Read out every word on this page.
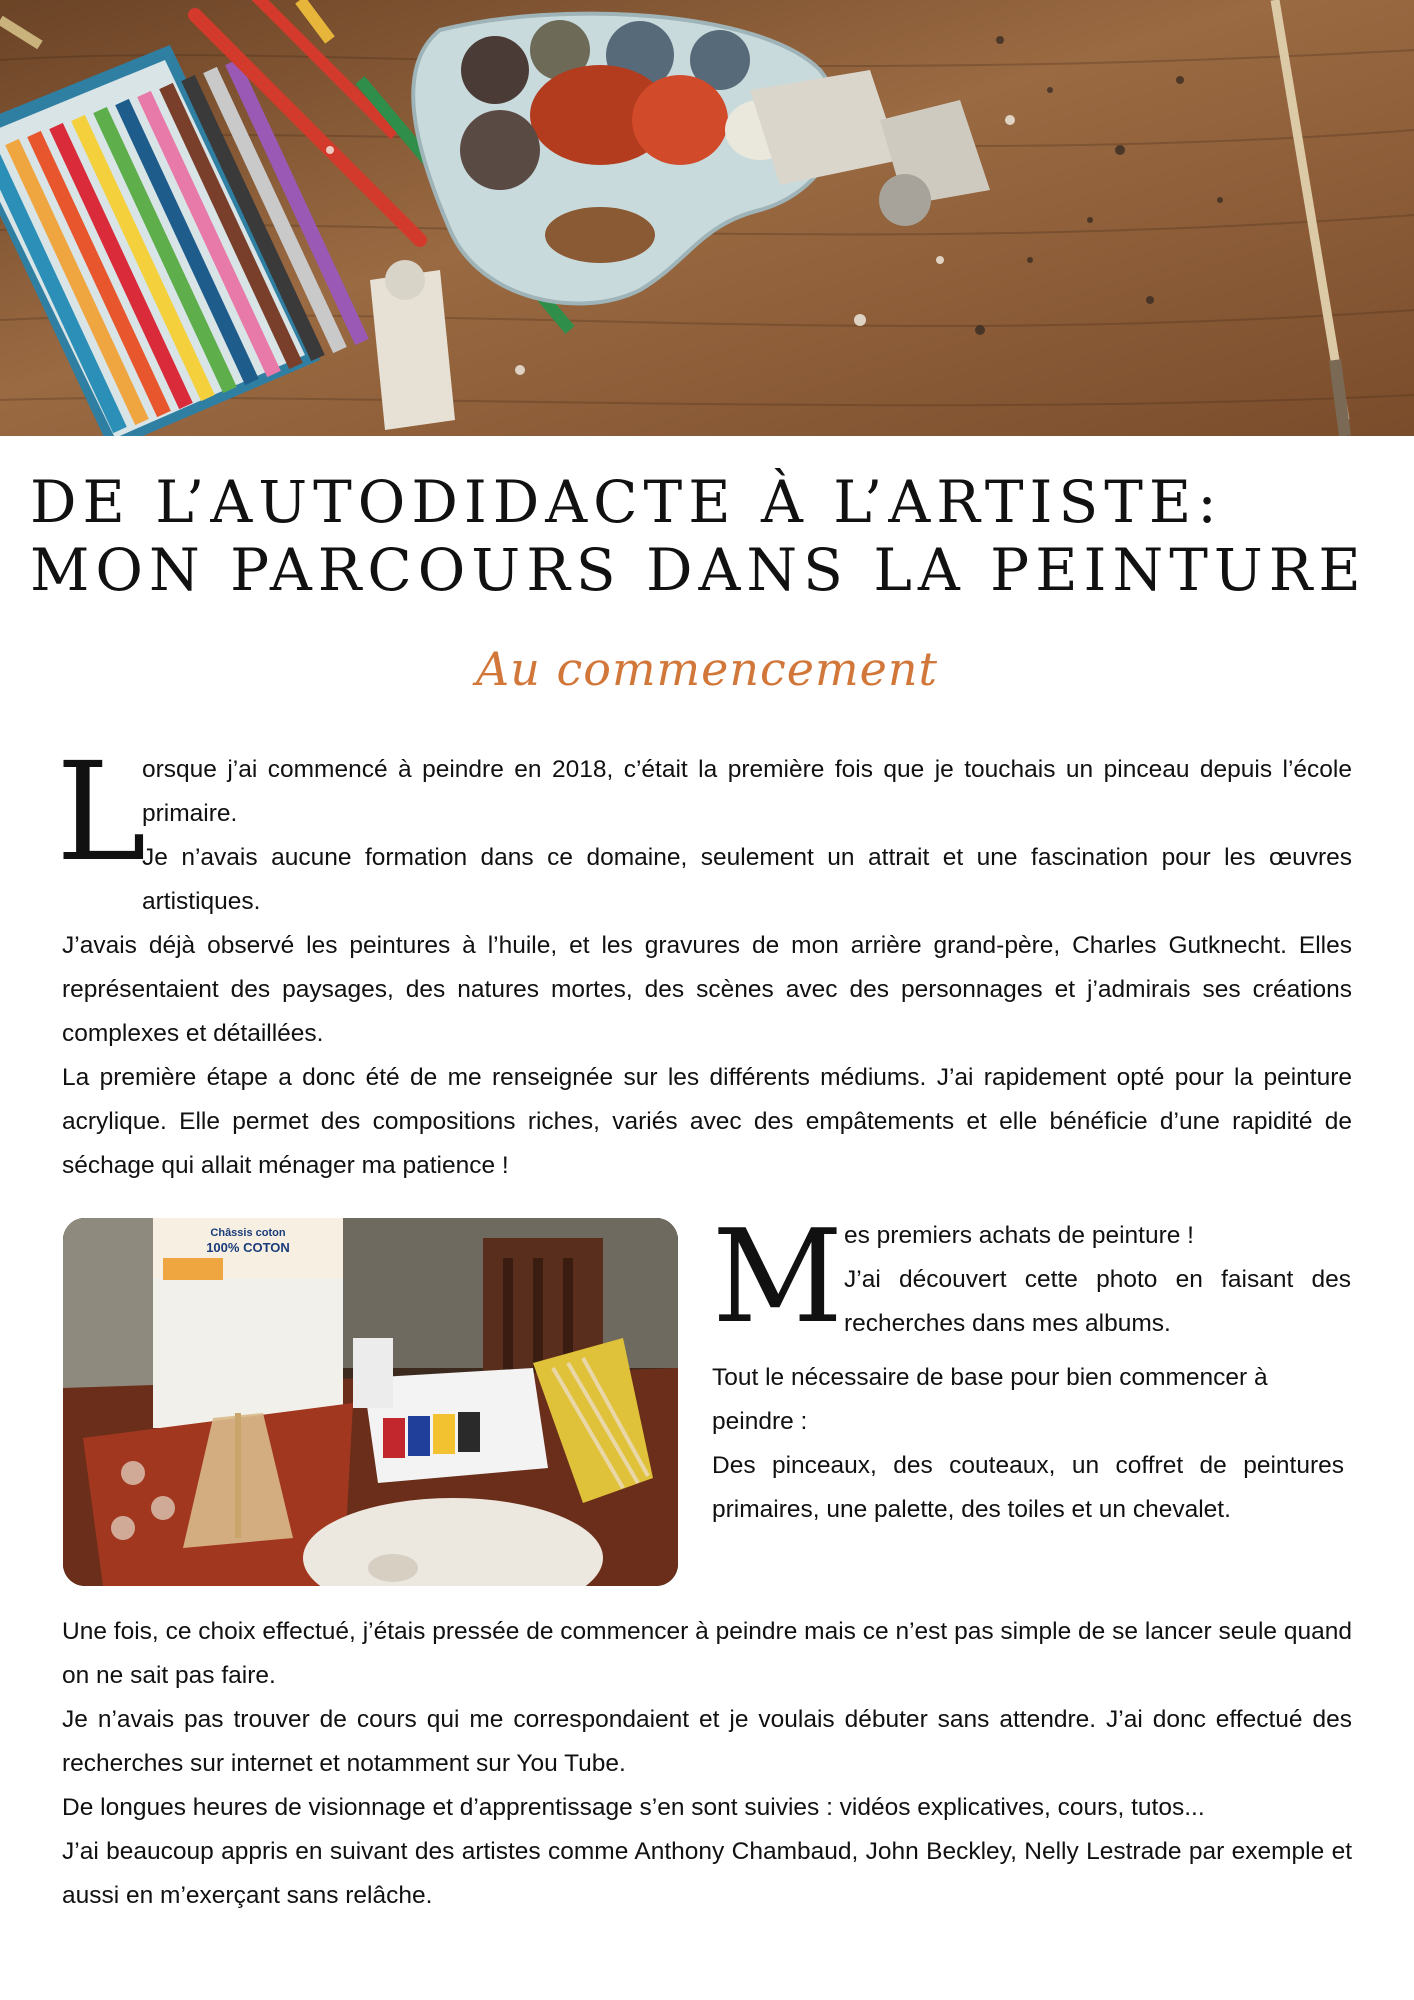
DE L’AUTODIDACTE À L’ARTISTE:
MON PARCOURS DANS LA PEINTURE
Au commencement
L

orsque j’ai commencé à peindre en 2018, c’était la première fois que je touchais un pinceau depuis l’école primaire.

Je n’avais aucune formation dans ce domaine, seulement un attrait et une fascination pour les œuvres artistiques.

J’avais déjà observé les peintures à l’huile, et les gravures de mon arrière grand-père, Charles Gutknecht. Elles représentaient des paysages, des natures mortes, des scènes avec des personnages et j’admirais ses créations complexes et détaillées.

La première étape a donc été de me renseignée sur les différents médiums. J’ai rapidement opté pour la peinture acrylique. Elle permet des compositions riches, variés avec des empâtements et elle bénéficie d’une rapidité de séchage qui allait ménager ma patience !

Châssis coton
100% COTON	M es premiers achats de peinture !

J’ai découvert cette photo en faisant des recherches dans mes albums.

Tout le nécessaire de base pour bien commencer à peindre :

Des pinceaux, des couteaux, un coffret de peintures primaires, une palette, des toiles et un chevalet.

Une fois, ce choix effectué, j’étais pressée de commencer à peindre mais ce n’est pas simple de se lancer seule quand on ne sait pas faire.

Je n’avais pas trouver de cours qui me correspondaient et je voulais débuter sans attendre. J’ai donc effectué des recherches sur internet et notamment sur You Tube.

De longues heures de visionnage et d’apprentissage s’en sont suivies : vidéos explicatives, cours, tutos...

J’ai beaucoup appris en suivant des artistes comme Anthony Chambaud, John Beckley, Nelly Lestrade par exemple et aussi en m’exerçant sans relâche.
